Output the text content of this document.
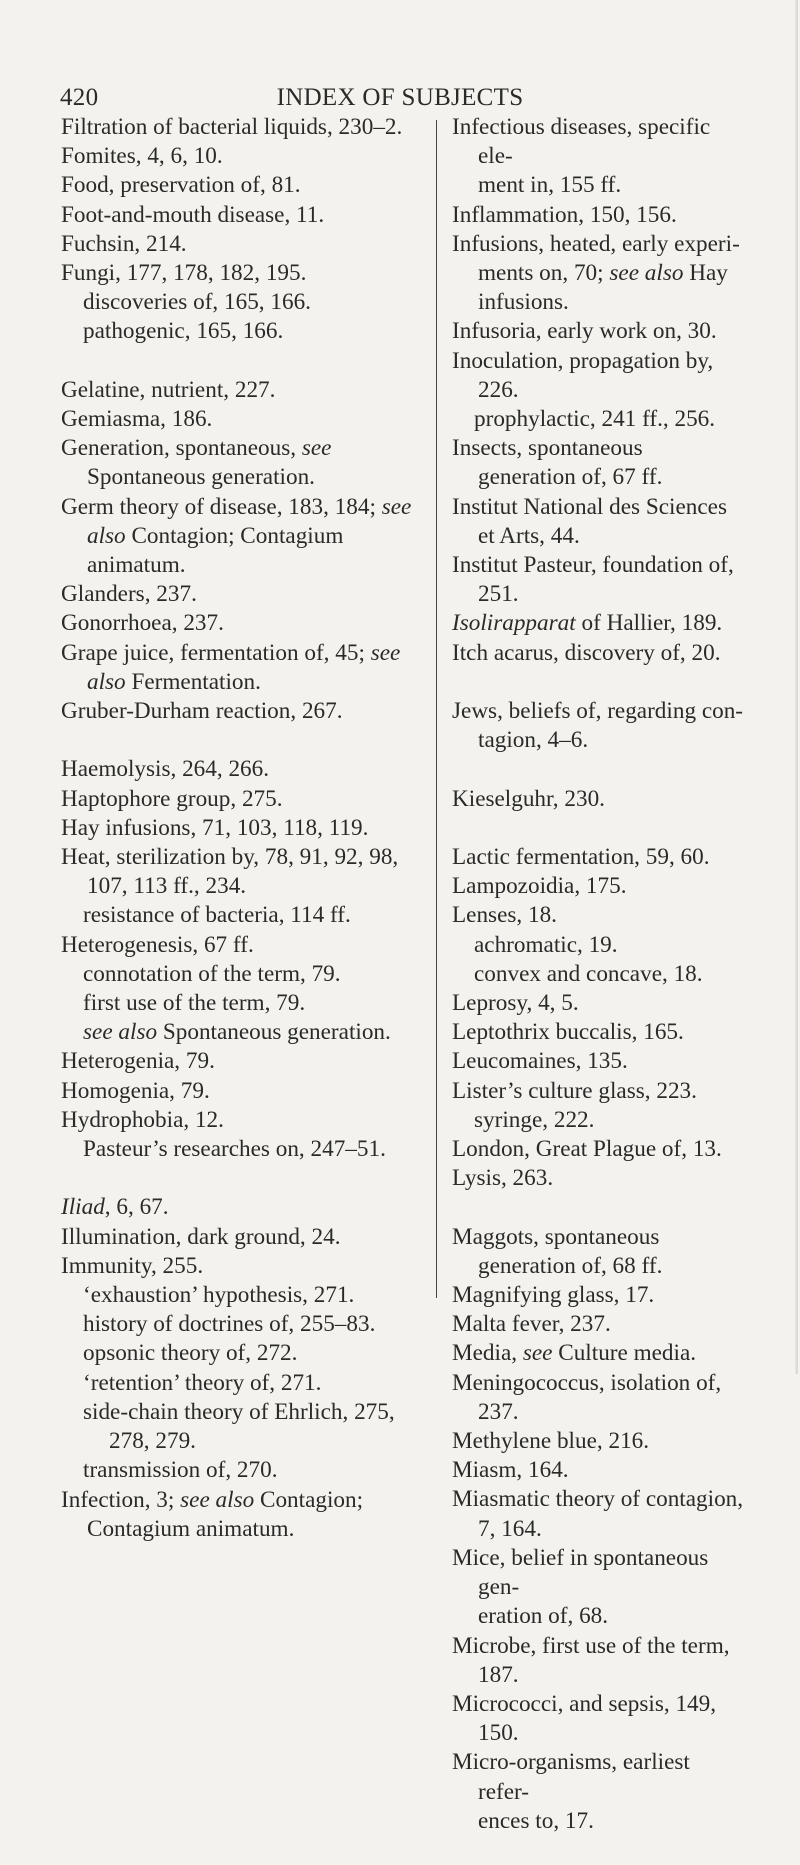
420	INDEX OF SUBJECTS

Filtration of bacterial liquids, 230–2.

Fomites, 4, 6, 10.

Food, preservation of, 81.

Foot-and-mouth disease, 11.

Fuchsin, 214.

Fungi, 177, 178, 182, 195.

discoveries of, 165, 166.

pathogenic, 165, 166.

Gelatine, nutrient, 227.

Gemiasma, 186.

Generation, spontaneous, see Spontaneous generation.

Germ theory of disease, 183, 184; see also Contagion; Contagium animatum.

Glanders, 237.

Gonorrhoea, 237.

Grape juice, fermentation of, 45; see also Fermentation.

Gruber-Durham reaction, 267.

Haemolysis, 264, 266.

Haptophore group, 275.

Hay infusions, 71, 103, 118, 119.

Heat, sterilization by, 78, 91, 92, 98, 107, 113 ff., 234.

resistance of bacteria, 114 ff.

Heterogenesis, 67 ff.

connotation of the term, 79.

first use of the term, 79.

see also Spontaneous generation.

Heterogenia, 79.

Homogenia, 79.

Hydrophobia, 12.

Pasteur’s researches on, 247–51.

Iliad, 6, 67.

Illumination, dark ground, 24.

Immunity, 255.

‘exhaustion’ hypothesis, 271.

history of doctrines of, 255–83.

opsonic theory of, 272.

‘retention’ theory of, 271.

side-chain theory of Ehrlich, 275, 278, 279.

transmission of, 270.

Infection, 3; see also Contagion; Contagium animatum.

Infectious diseases, specific ele-
ment in, 155 ff.

Inflammation, 150, 156.

Infusions, heated, early experi-
ments on, 70; see also Hay
infusions.

Infusoria, early work on, 30.

Inoculation, propagation by, 226.

prophylactic, 241 ff., 256.

Insects, spontaneous generation of, 67 ff.

Institut National des Sciences et Arts, 44.

Institut Pasteur, foundation of, 251.

Isolirapparat of Hallier, 189.

Itch acarus, discovery of, 20.

Jews, beliefs of, regarding con-
tagion, 4–6.

Kieselguhr, 230.

Lactic fermentation, 59, 60.

Lampozoidia, 175.

Lenses, 18.

achromatic, 19.

convex and concave, 18.

Leprosy, 4, 5.

Leptothrix buccalis, 165.

Leucomaines, 135.

Lister’s culture glass, 223.

syringe, 222.

London, Great Plague of, 13.

Lysis, 263.

Maggots, spontaneous generation of, 68 ff.

Magnifying glass, 17.

Malta fever, 237.

Media, see Culture media.

Meningococcus, isolation of, 237.

Methylene blue, 216.

Miasm, 164.

Miasmatic theory of contagion, 7, 164.

Mice, belief in spontaneous gen-
eration of, 68.

Microbe, first use of the term, 187.

Micrococci, and sepsis, 149, 150.

Micro-organisms, earliest refer-
ences to, 17.
